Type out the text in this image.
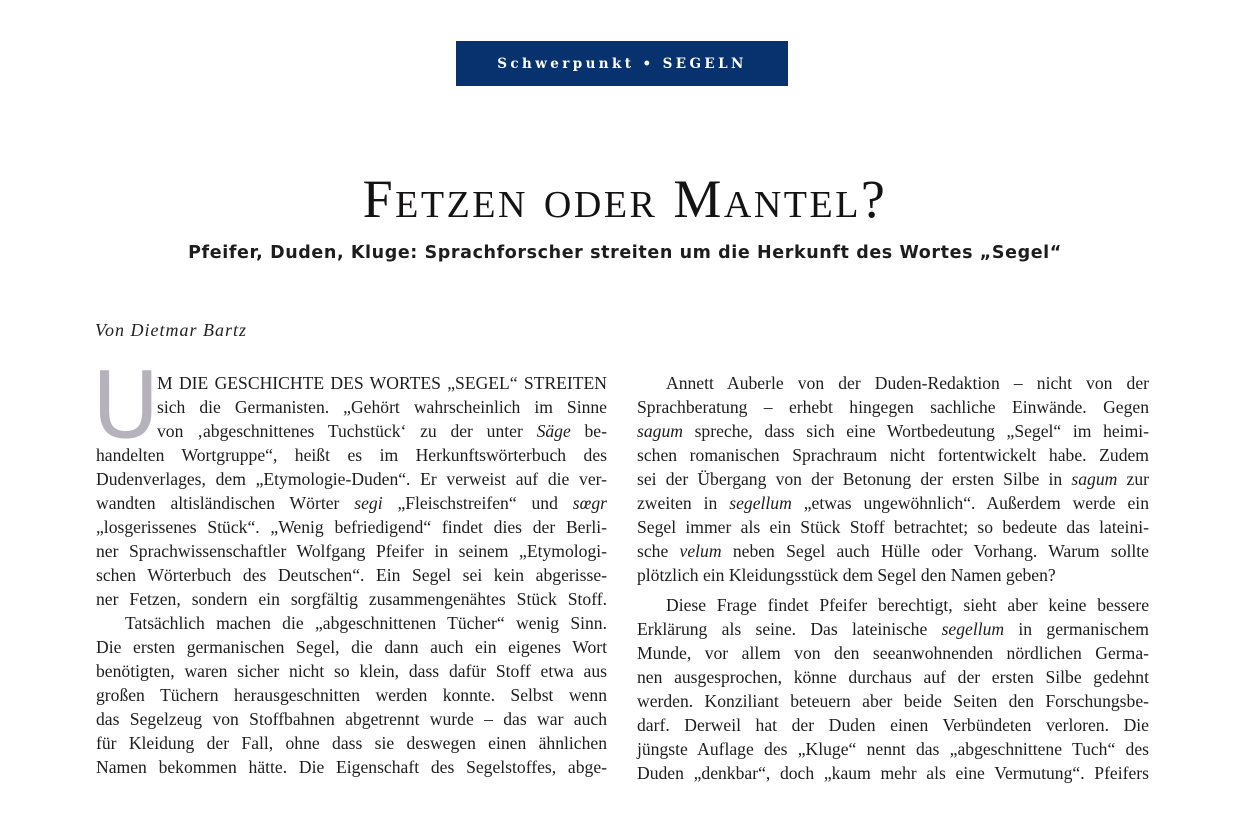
Schwerpunkt • SEGELN
Fetzen oder Mantel?
Pfeifer, Duden, Kluge: Sprachforscher streiten um die Herkunft des Wortes „Segel“
Von Dietmar Bartz
U
M DIE GESCHICHTE DES WORTES „SEGEL“ STREITEN
sich die Germanisten. „Gehört wahrscheinlich im Sinne
von ‚abgeschnittenes Tuchstück‘ zu der unter Säge be-
handelten Wortgruppe“, heißt es im Herkunftswörterbuch des
Dudenverlages, dem „Etymologie-Duden“. Er verweist auf die ver-
wandten altisländischen Wörter segi „Fleischstreifen“ und sœgr
„losgerissenes Stück“. „Wenig befriedigend“ findet dies der Berli-
ner Sprachwissenschaftler Wolfgang Pfeifer in seinem „Etymologi-
schen Wörterbuch des Deutschen“. Ein Segel sei kein abgerisse-
ner Fetzen, sondern ein sorgfältig zusammengenähtes Stück Stoff.
Tatsächlich machen die „abgeschnittenen Tücher“ wenig Sinn.
Die ersten germanischen Segel, die dann auch ein eigenes Wort
benötigten, waren sicher nicht so klein, dass dafür Stoff etwa aus
großen Tüchern herausgeschnitten werden konnte. Selbst wenn
das Segelzeug von Stoffbahnen abgetrennt wurde – das war auch
für Kleidung der Fall, ohne dass sie deswegen einen ähnlichen
Namen bekommen hätte. Die Eigenschaft des Segelstoffes, abge-
Annett Auberle von der Duden-Redaktion – nicht von der
Sprachberatung – erhebt hingegen sachliche Einwände. Gegen
sagum spreche, dass sich eine Wortbedeutung „Segel“ im heimi-
schen romanischen Sprachraum nicht fortentwickelt habe. Zudem
sei der Übergang von der Betonung der ersten Silbe in sagum zur
zweiten in segellum „etwas ungewöhnlich“. Außerdem werde ein
Segel immer als ein Stück Stoff betrachtet; so bedeute das lateini-
sche velum neben Segel auch Hülle oder Vorhang. Warum sollte
plötzlich ein Kleidungsstück dem Segel den Namen geben?
Diese Frage findet Pfeifer berechtigt, sieht aber keine bessere
Erklärung als seine. Das lateinische segellum in germanischem
Munde, vor allem von den seeanwohnenden nördlichen Germa-
nen ausgesprochen, könne durchaus auf der ersten Silbe gedehnt
werden. Konziliant beteuern aber beide Seiten den Forschungsbe-
darf. Derweil hat der Duden einen Verbündeten verloren. Die
jüngste Auflage des „Kluge“ nennt das „abgeschnittene Tuch“ des
Duden „denkbar“, doch „kaum mehr als eine Vermutung“. Pfeifers
